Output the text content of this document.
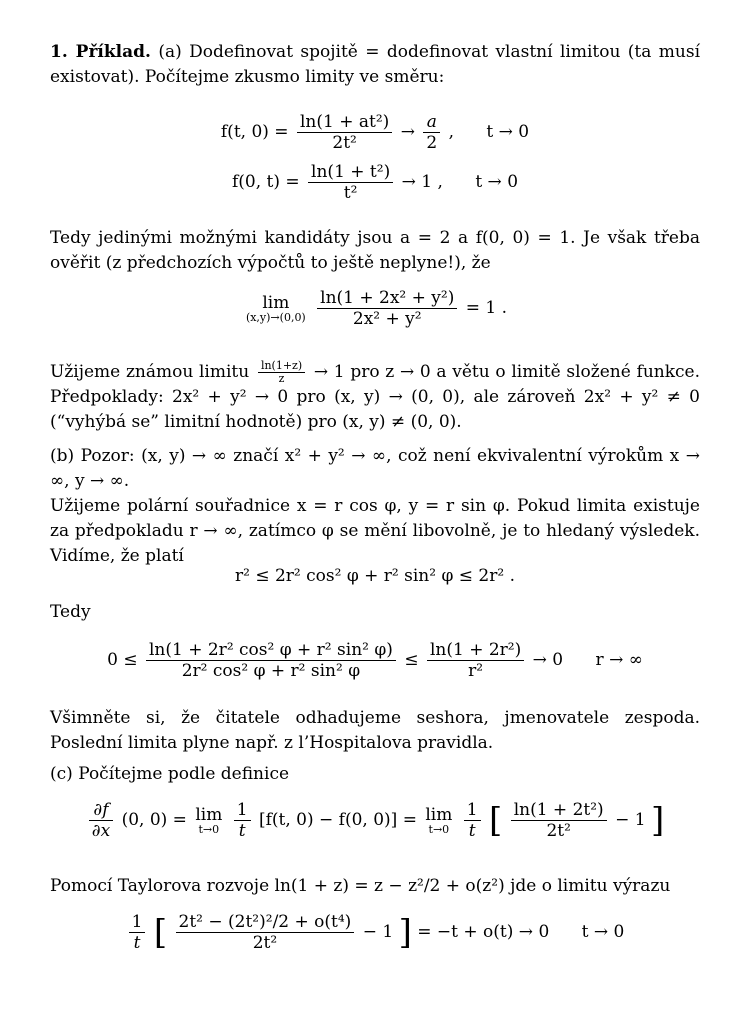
1. Příklad. (a) Dodefinovat spojitě = dodefinovat vlastní limitou (ta musí existovat). Počítejme zkusmo limity ve směru:
f(t, $0) = \frac{\text{ln(1 + at²)}}{\text{2t²}} \to \frac{a}{2}$ ,      t → 0
f(0, $t) = \frac{\text{ln(1 + t²)}}{\text{t²}} \to 1$ ,      t → 0
Tedy jedinými možnými kandidáty jsou a = 2 a f(0, 0) = 1. Je však třeba ověřit (z předchozích výpočtů to ještě neplyne!), že
lim
(x,y)→(0,0)
$\frac{\text{ln(1 + 2x² + y²)}}{\text{2x² + y²}} = 1$ .
Užijeme známou limitu $\frac{\ln(1+z)}{z} \to 1$ pro z → 0 a větu o limitě složené funkce. Předpoklady: 2x² + y² → 0 pro (x, y) → (0, 0), ale zároveň 2x² + y² ≠ 0 (“vyhýbá se” limitní hodnotě) pro (x, y) ≠ (0, 0).
(b) Pozor: (x, y) → ∞ značí x² + y² → ∞, což není ekvivalentní výrokům x → ∞, y → ∞.
Užijeme polární souřadnice x = r cos φ, y = r sin φ. Pokud limita existuje za předpokladu r → ∞, zatímco φ se mění libovolně, je to hledaný výsledek. Vidíme, že platí
r² ≤ 2r² cos² φ + r² sin² φ ≤ 2r² .
Tedy
$0 \le \frac{\text{ln(1 + 2r² cos² φ + r² sin² φ)}}{\text{2r² cos² φ + r² sin² φ}} \le \frac{\text{ln(1 + 2r²)}}{\text{r²}} \to 0$      r → ∞
Všimněte si, že čitatele odhadujeme seshora, jmenovatele zespoda. Poslední limita plyne např. z l’Hospitalova pravidla.
(c) Počítejme podle definice
$\frac{\partial f}{\partial x} (0$, 0) = lim
t→0
$\frac{1}{t} [f(t$, 0) − f(0, 0)] = lim
t→0
$\frac{1}{t}$ [ $\frac{\text{ln(1 + 2t²)}}{\text{2t²}} - 1$ ]
Pomocí Taylorova rozvoje ln(1 + z) = z − z²/2 + o(z²) jde o limitu výrazu
$\frac{1}{t}$ [ $\frac{\text{2t² − (2t²)²/2 + o(t⁴)}}{\text{2t²}} - 1$ ] = −t + o(t) → 0      t → 0
